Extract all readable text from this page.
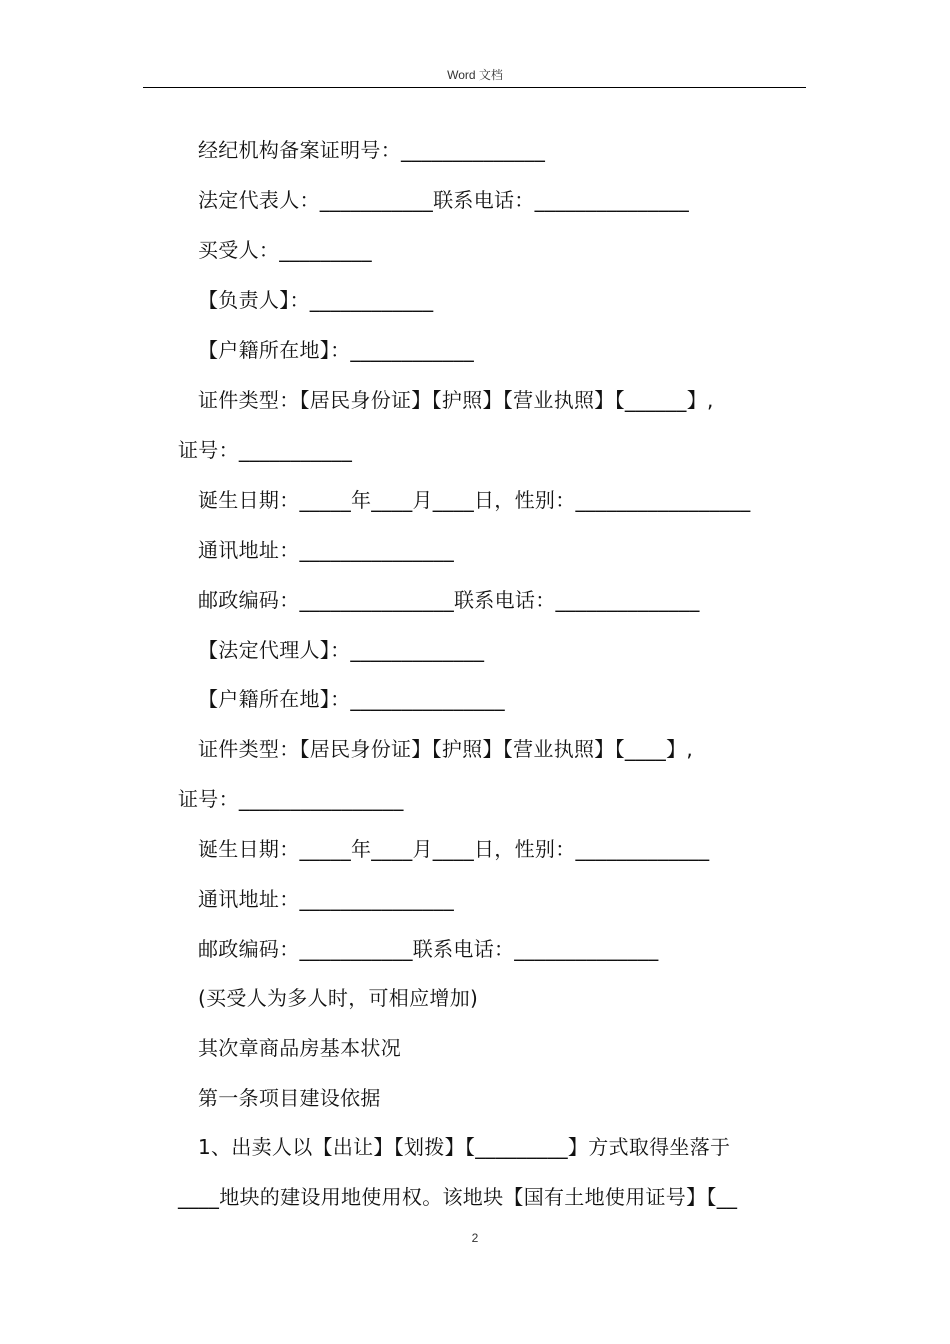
Word 文档
经纪机构备案证明号：______________
法定代表人：___________联系电话：_______________
买受人：_________
【负责人】：____________
【户籍所在地】：____________
证件类型：【居民身份证】【护照】【营业执照】【______】,
证号：___________
诞生日期：_____年____月____日，性别：_________________
通讯地址：_______________
邮政编码：_______________联系电话：______________
【法定代理人】：_____________
【户籍所在地】：_______________
证件类型：【居民身份证】【护照】【营业执照】【____】,
证号：________________
诞生日期：_____年____月____日，性别：_____________
通讯地址：_______________
邮政编码：___________联系电话：______________
(买受人为多人时，可相应增加)
其次章商品房基本状况
第一条项目建设依据
1、出卖人以【出让】【划拨】【_________】方式取得坐落于
____地块的建设用地使用权。该地块【国有土地使用证号】【__
2
